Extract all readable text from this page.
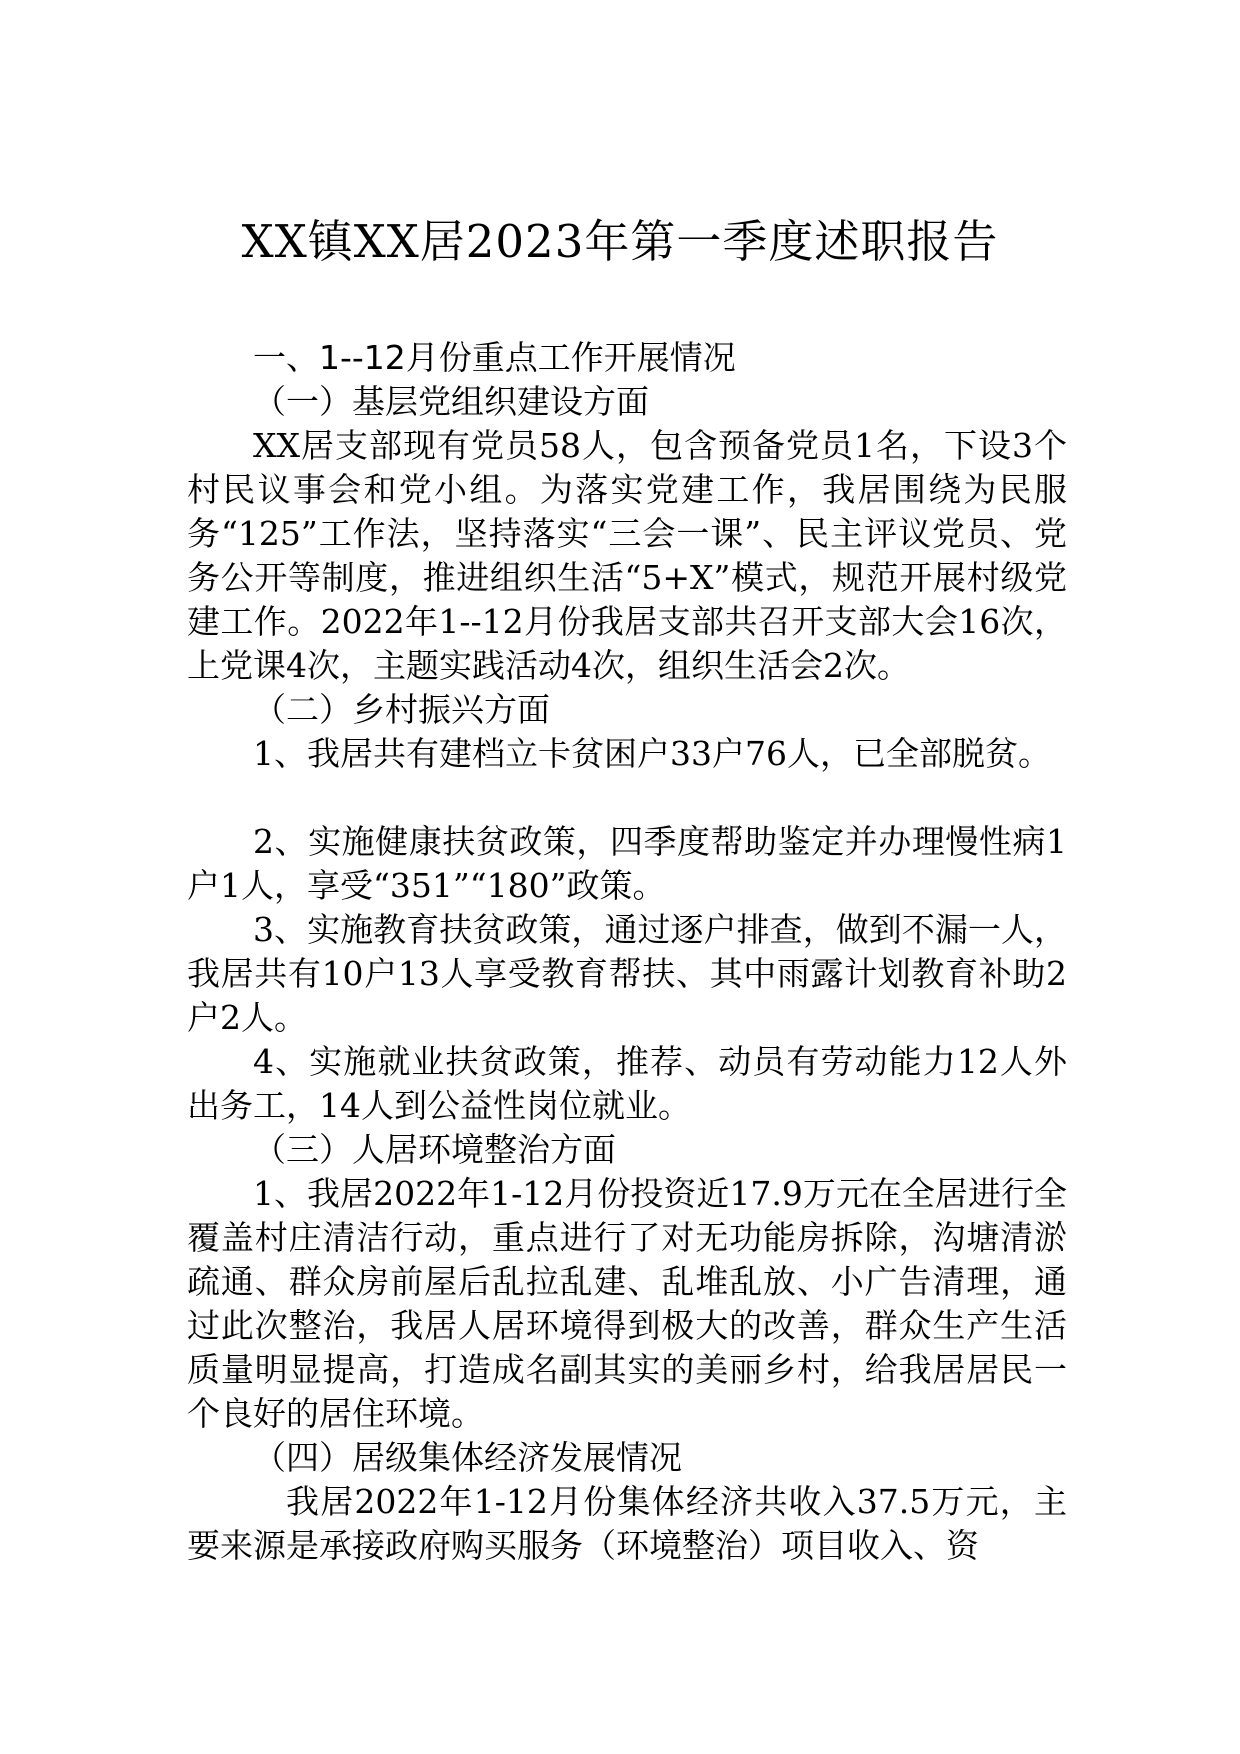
XX镇XX居2023年第一季度述职报告

一、1--12月份重点工作开展情况

（一）基层党组织建设方面

XX居支部现有党员58人，包含预备党员1名，下设3个村民议事会和党小组。为落实党建工作，我居围绕为民服务“125”工作法，坚持落实“三会一课”、民主评议党员、党务公开等制度，推进组织生活“5+X”模式，规范开展村级党建工作。2022年1--12月份我居支部共召开支部大会16次，上党课4次，主题实践活动4次，组织生活会2次。

（二）乡村振兴方面

1、我居共有建档立卡贫困户33户76人，已全部脱贫。

2、实施健康扶贫政策，四季度帮助鉴定并办理慢性病1户1人，享受“351”“180”政策。

3、实施教育扶贫政策，通过逐户排查，做到不漏一人，我居共有10户13人享受教育帮扶、其中雨露计划教育补助2户2人。

4、实施就业扶贫政策，推荐、动员有劳动能力12人外出务工，14人到公益性岗位就业。

（三）人居环境整治方面

1、我居2022年1-12月份投资近17.9万元在全居进行全覆盖村庄清洁行动，重点进行了对无功能房拆除，沟塘清淤疏通、群众房前屋后乱拉乱建、乱堆乱放、小广告清理，通过此次整治，我居人居环境得到极大的改善，群众生产生活质量明显提高，打造成名副其实的美丽乡村，给我居居民一个良好的居住环境。

（四）居级集体经济发展情况

我居2022年1-12月份集体经济共收入37.5万元，主要来源是承接政府购买服务（环境整治）项目收入、资
